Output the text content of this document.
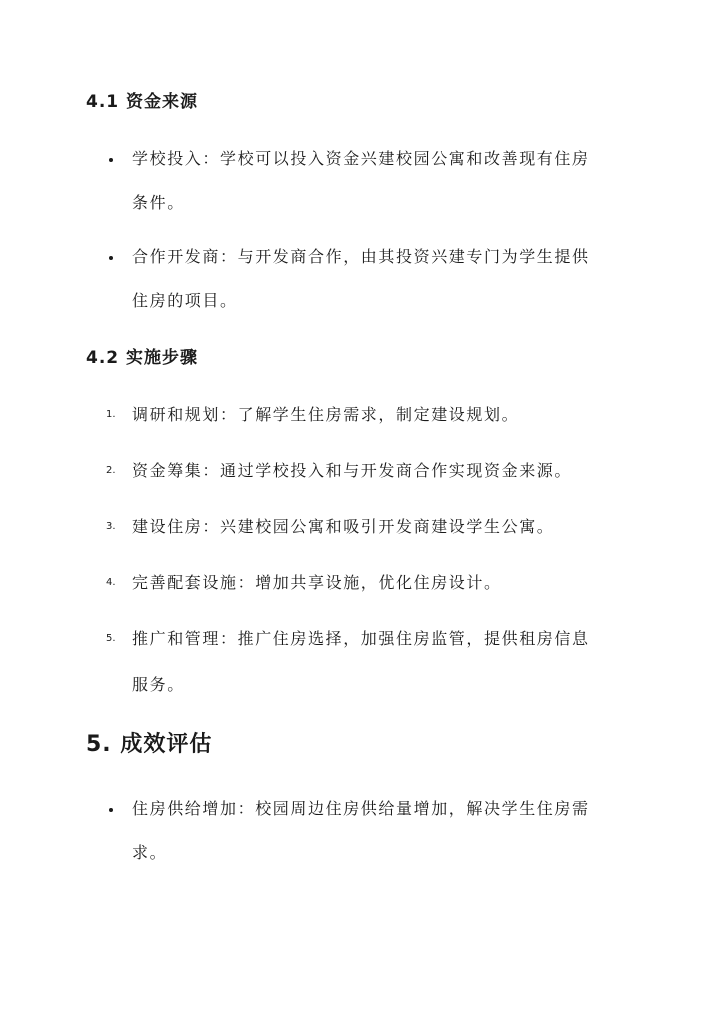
4.1 资金来源
学校投入：学校可以投入资金兴建校园公寓和改善现有住房
条件。
合作开发商：与开发商合作，由其投资兴建专门为学生提供
住房的项目。
4.2 实施步骤
1.	调研和规划：了解学生住房需求，制定建设规划。
2.	资金筹集：通过学校投入和与开发商合作实现资金来源。
3.	建设住房：兴建校园公寓和吸引开发商建设学生公寓。
4.	完善配套设施：增加共享设施，优化住房设计。
5.	推广和管理：推广住房选择，加强住房监管，提供租房信息
服务。
5. 成效评估
住房供给增加：校园周边住房供给量增加，解决学生住房需
求。
